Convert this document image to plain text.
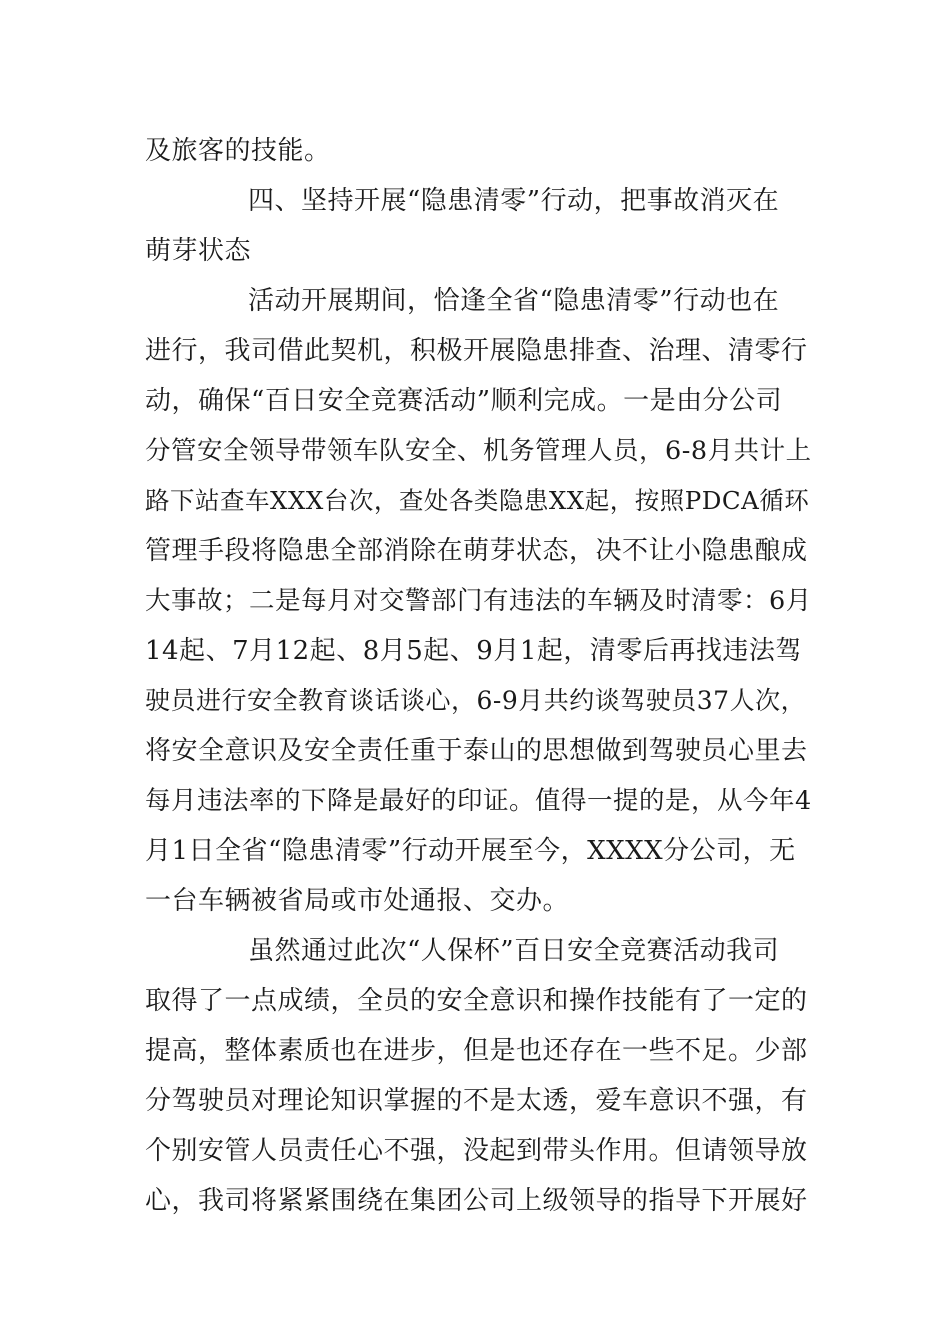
及旅客的技能。
四、坚持开展“隐患清零”行动，把事故消灭在
萌芽状态
活动开展期间，恰逢全省“隐患清零”行动也在
进行，我司借此契机，积极开展隐患排查、治理、清零行
动，确保“百日安全竞赛活动”顺利完成。一是由分公司
分管安全领导带领车队安全、机务管理人员，6-8月共计上
路下站查车XXX台次，查处各类隐患XX起，按照PDCA循环
管理手段将隐患全部消除在萌芽状态，决不让小隐患酿成
大事故；二是每月对交警部门有违法的车辆及时清零：6月
14起、7月12起、8月5起、9月1起，清零后再找违法驾
驶员进行安全教育谈话谈心，6-9月共约谈驾驶员37人次，
将安全意识及安全责任重于泰山的思想做到驾驶员心里去
每月违法率的下降是最好的印证。值得一提的是，从今年4
月1日全省“隐患清零”行动开展至今，XXXX分公司，无
一台车辆被省局或市处通报、交办。
虽然通过此次“人保杯”百日安全竞赛活动我司
取得了一点成绩，全员的安全意识和操作技能有了一定的
提高，整体素质也在进步，但是也还存在一些不足。少部
分驾驶员对理论知识掌握的不是太透，爱车意识不强，有
个别安管人员责任心不强，没起到带头作用。但请领导放
心，我司将紧紧围绕在集团公司上级领导的指导下开展好
